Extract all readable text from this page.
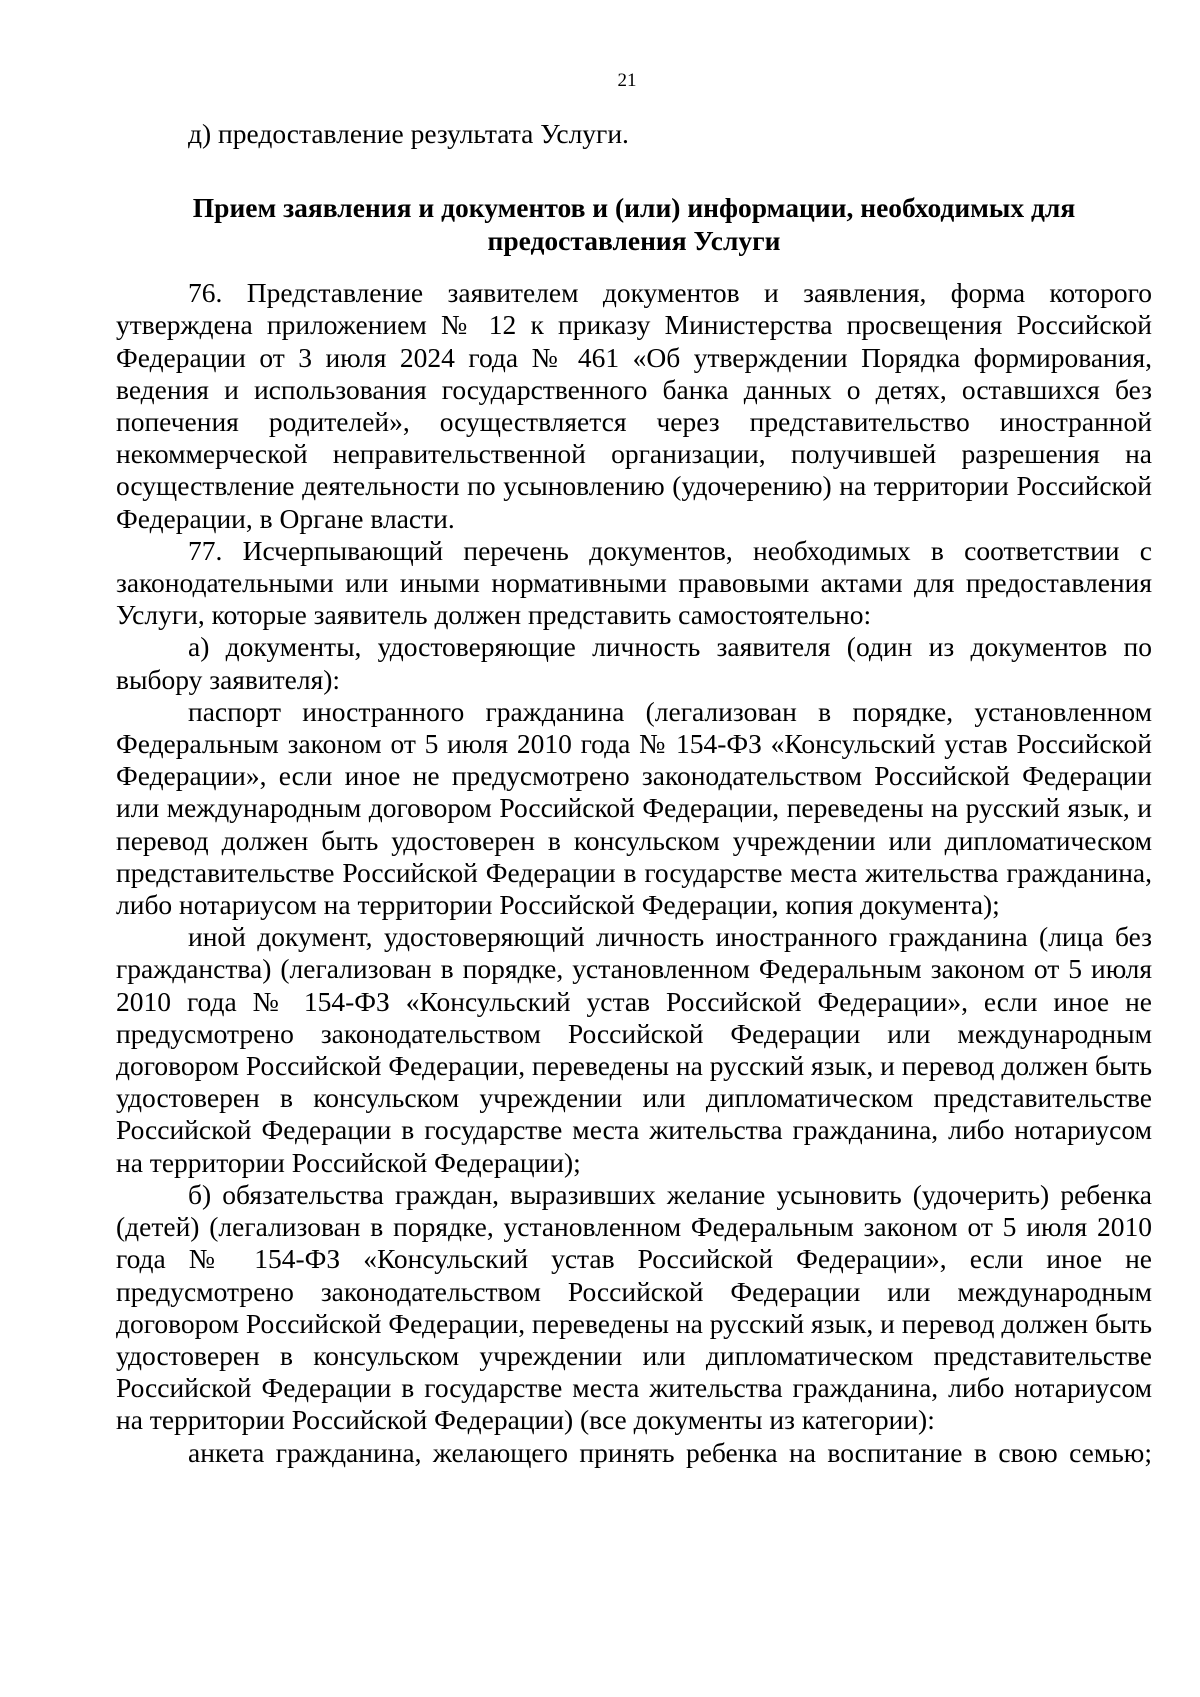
21

д) предоставление результата Услуги.

Прием заявления и документов и (или) информации, необходимых для предоставления Услуги

76. Представление заявителем документов и заявления, форма которого утверждена приложением № 12 к приказу Министерства просвещения Российской Федерации от 3 июля 2024 года № 461 «Об утверждении Порядка формирования, ведения и использования государственного банка данных о детях, оставшихся без попечения родителей», осуществляется через представительство иностранной некоммерческой неправительственной организации, получившей разрешения на осуществление деятельности по усыновлению (удочерению) на территории Российской Федерации, в Органе власти.

77. Исчерпывающий перечень документов, необходимых в соответствии с законодательными или иными нормативными правовыми актами для предоставления Услуги, которые заявитель должен представить самостоятельно:

а) документы, удостоверяющие личность заявителя (один из документов по выбору заявителя):

паспорт иностранного гражданина (легализован в порядке, установленном Федеральным законом от 5 июля 2010 года № 154-ФЗ «Консульский устав Российской Федерации», если иное не предусмотрено законодательством Российской Федерации или международным договором Российской Федерации, переведены на русский язык, и перевод должен быть удостоверен в консульском учреждении или дипломатическом представительстве Российской Федерации в государстве места жительства гражданина, либо нотариусом на территории Российской Федерации, копия документа);

иной документ, удостоверяющий личность иностранного гражданина (лица без гражданства) (легализован в порядке, установленном Федеральным законом от 5 июля 2010 года № 154-ФЗ «Консульский устав Российской Федерации», если иное не предусмотрено законодательством Российской Федерации или международным договором Российской Федерации, переведены на русский язык, и перевод должен быть удостоверен в консульском учреждении или дипломатическом представительстве Российской Федерации в государстве места жительства гражданина, либо нотариусом на территории Российской Федерации);

б) обязательства граждан, выразивших желание усыновить (удочерить) ребенка (детей) (легализован в порядке, установленном Федеральным законом от 5 июля 2010 года № 154-ФЗ «Консульский устав Российской Федерации», если иное не предусмотрено законодательством Российской Федерации или международным договором Российской Федерации, переведены на русский язык, и перевод должен быть удостоверен в консульском учреждении или дипломатическом представительстве Российской Федерации в государстве места жительства гражданина, либо нотариусом на территории Российской Федерации) (все документы из категории):

анкета гражданина, желающего принять ребенка на воспитание в свою семью;
